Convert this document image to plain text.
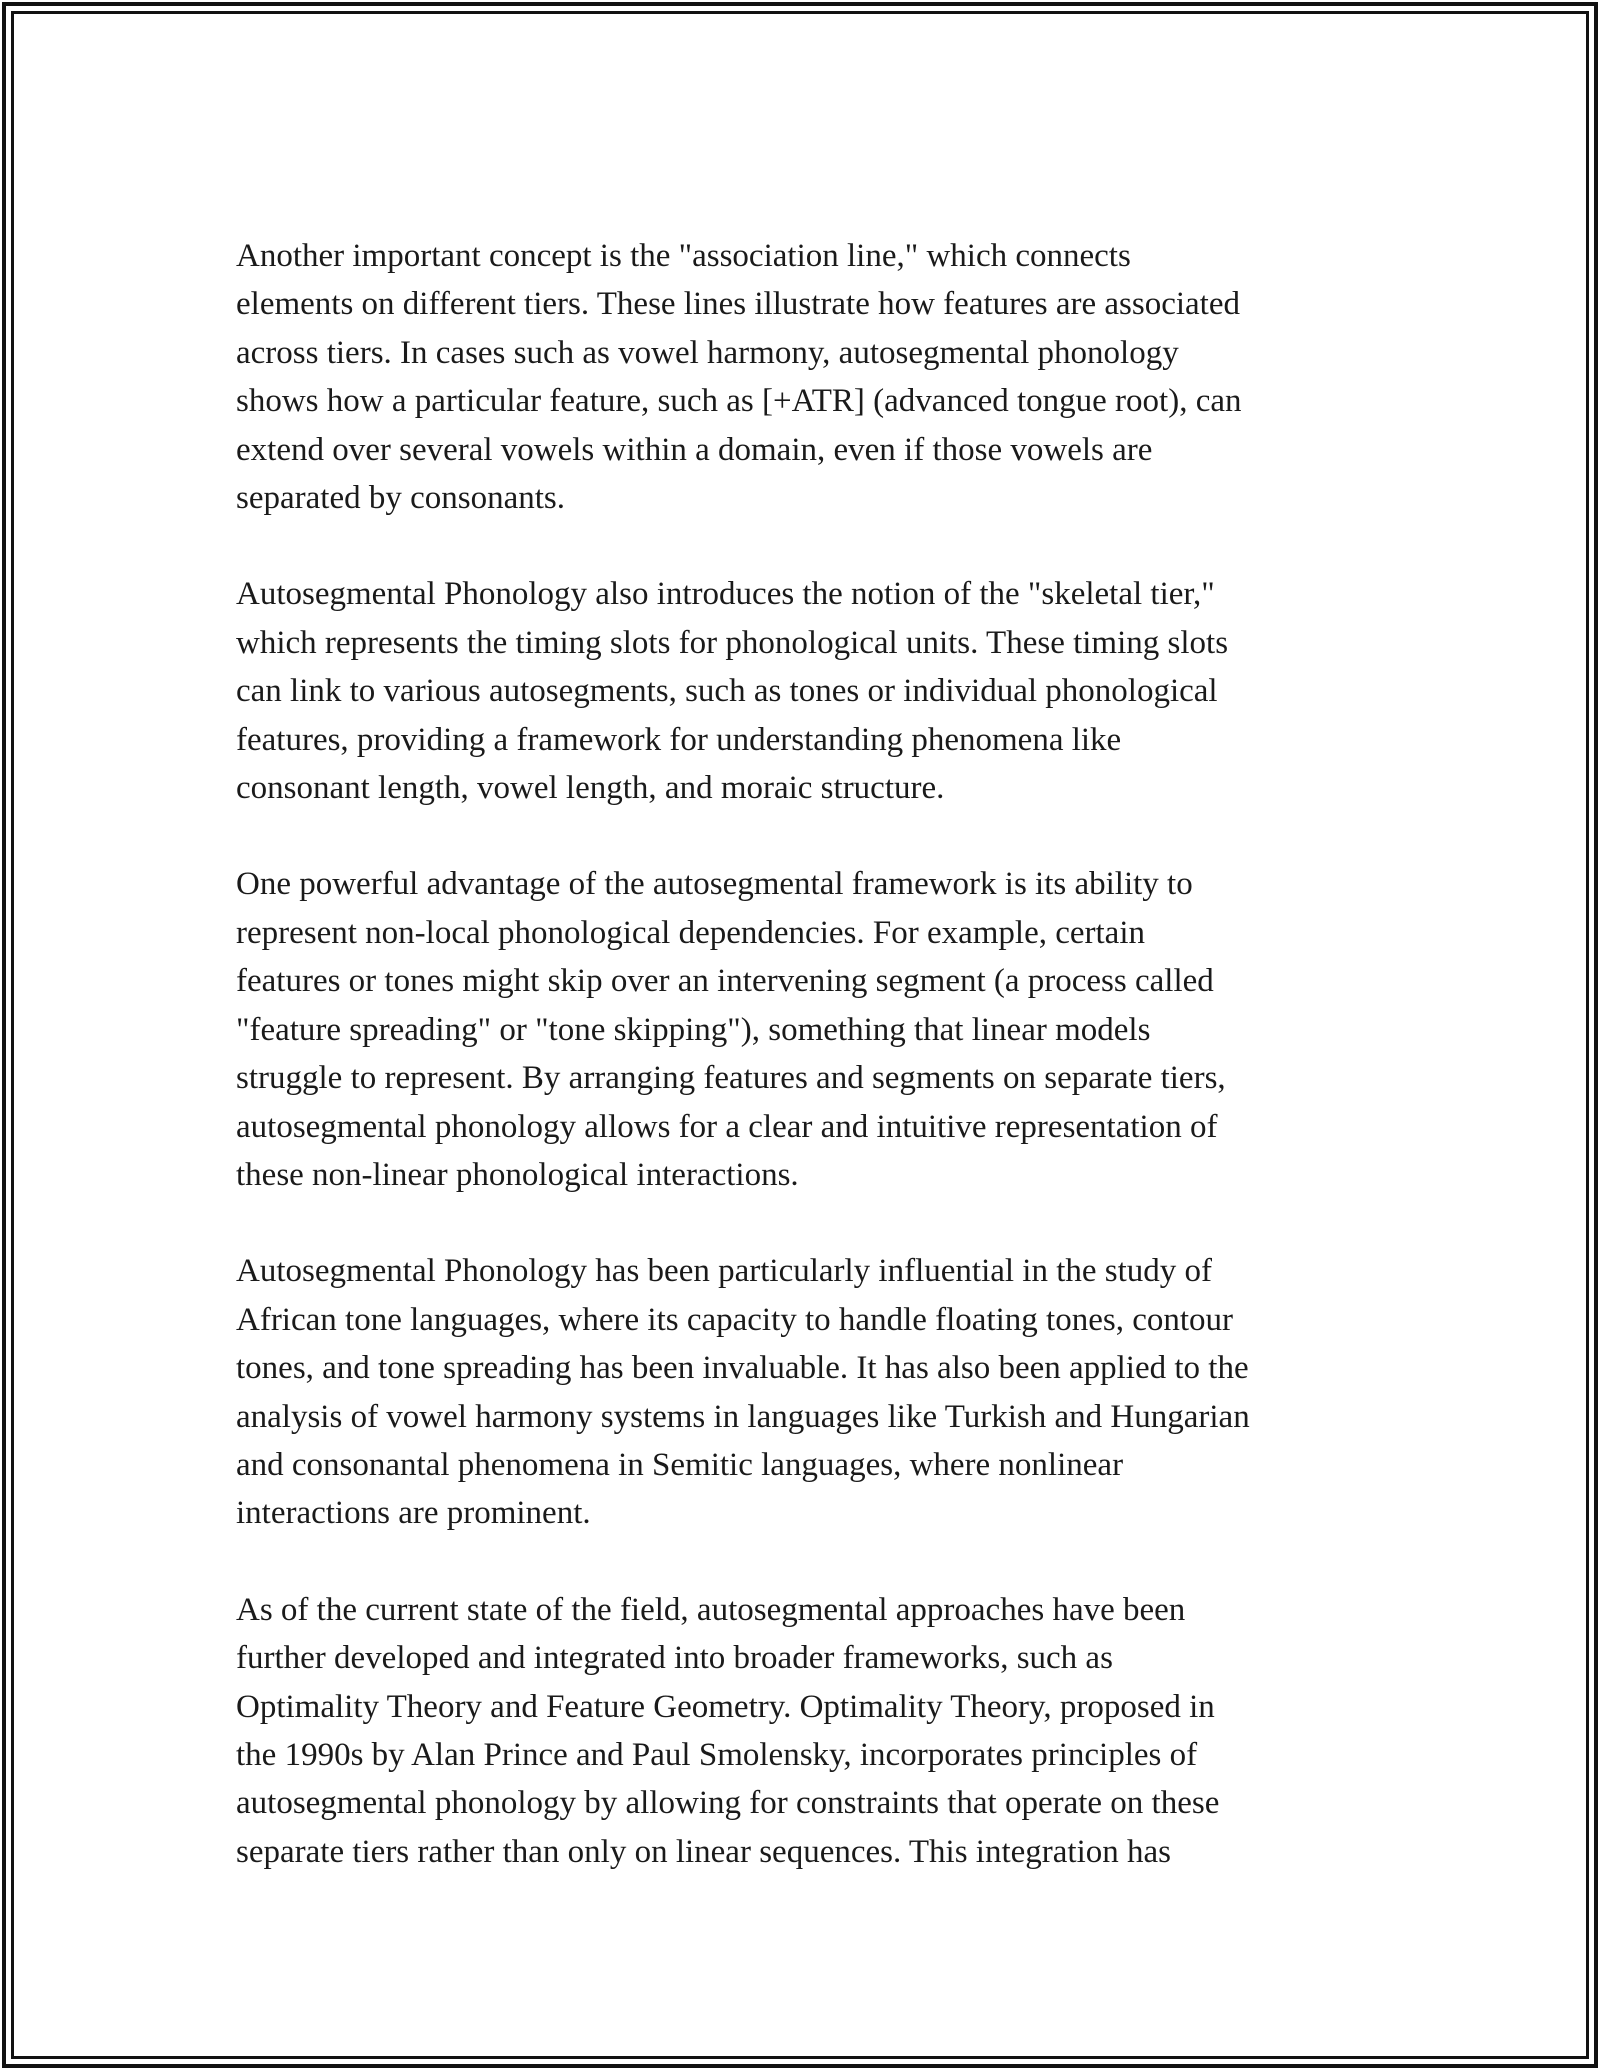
Another important concept is the "association line," which connects
elements on different tiers. These lines illustrate how features are associated
across tiers. In cases such as vowel harmony, autosegmental phonology
shows how a particular feature, such as [+ATR] (advanced tongue root), can
extend over several vowels within a domain, even if those vowels are
separated by consonants.

Autosegmental Phonology also introduces the notion of the "skeletal tier,"
which represents the timing slots for phonological units. These timing slots
can link to various autosegments, such as tones or individual phonological
features, providing a framework for understanding phenomena like
consonant length, vowel length, and moraic structure.

One powerful advantage of the autosegmental framework is its ability to
represent non-local phonological dependencies. For example, certain
features or tones might skip over an intervening segment (a process called
"feature spreading" or "tone skipping"), something that linear models
struggle to represent. By arranging features and segments on separate tiers,
autosegmental phonology allows for a clear and intuitive representation of
these non-linear phonological interactions.

Autosegmental Phonology has been particularly influential in the study of
African tone languages, where its capacity to handle floating tones, contour
tones, and tone spreading has been invaluable. It has also been applied to the
analysis of vowel harmony systems in languages like Turkish and Hungarian
and consonantal phenomena in Semitic languages, where nonlinear
interactions are prominent.

As of the current state of the field, autosegmental approaches have been
further developed and integrated into broader frameworks, such as
Optimality Theory and Feature Geometry. Optimality Theory, proposed in
the 1990s by Alan Prince and Paul Smolensky, incorporates principles of
autosegmental phonology by allowing for constraints that operate on these
separate tiers rather than only on linear sequences. This integration has
